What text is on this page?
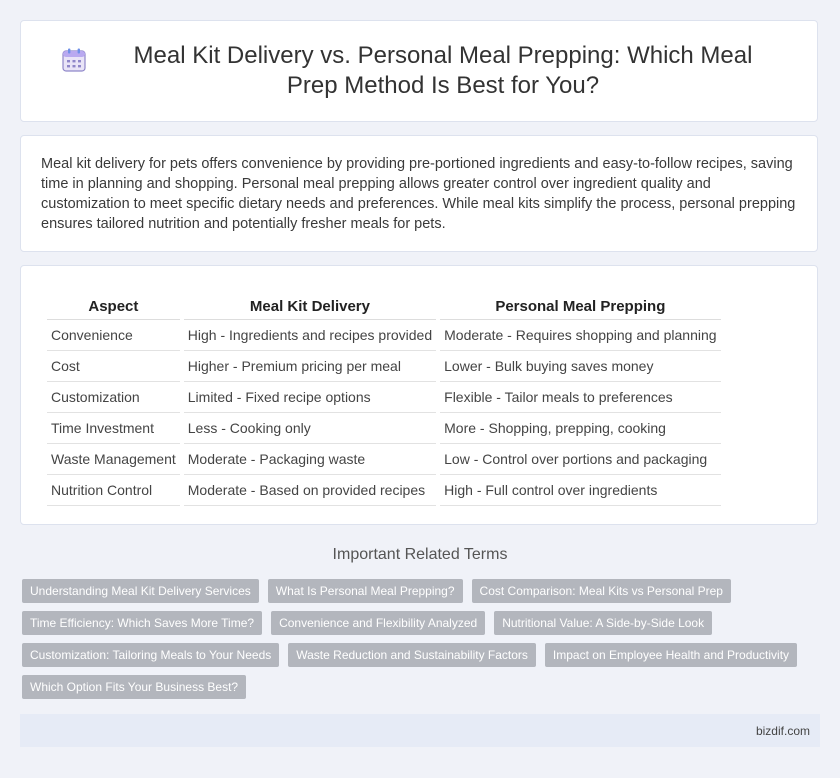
Meal Kit Delivery vs. Personal Meal Prepping: Which Meal Prep Method Is Best for You?

Meal kit delivery for pets offers convenience by providing pre-portioned ingredients and easy-to-follow recipes, saving time in planning and shopping. Personal meal prepping allows greater control over ingredient quality and customization to meet specific dietary needs and preferences. While meal kits simplify the process, personal prepping ensures tailored nutrition and potentially fresher meals for pets.

Aspect	Meal Kit Delivery	Personal Meal Prepping
Convenience	High - Ingredients and recipes provided	Moderate - Requires shopping and planning
Cost	Higher - Premium pricing per meal	Lower - Bulk buying saves money
Customization	Limited - Fixed recipe options	Flexible - Tailor meals to preferences
Time Investment	Less - Cooking only	More - Shopping, prepping, cooking
Waste Management	Moderate - Packaging waste	Low - Control over portions and packaging
Nutrition Control	Moderate - Based on provided recipes	High - Full control over ingredients
Important Related Terms
Understanding Meal Kit Delivery Services	What Is Personal Meal Prepping?	Cost Comparison: Meal Kits vs Personal Prep
Time Efficiency: Which Saves More Time?	Convenience and Flexibility Analyzed	Nutritional Value: A Side-by-Side Look
Customization: Tailoring Meals to Your Needs	Waste Reduction and Sustainability Factors	Impact on Employee Health and Productivity
Which Option Fits Your Business Best?
bizdif.com
